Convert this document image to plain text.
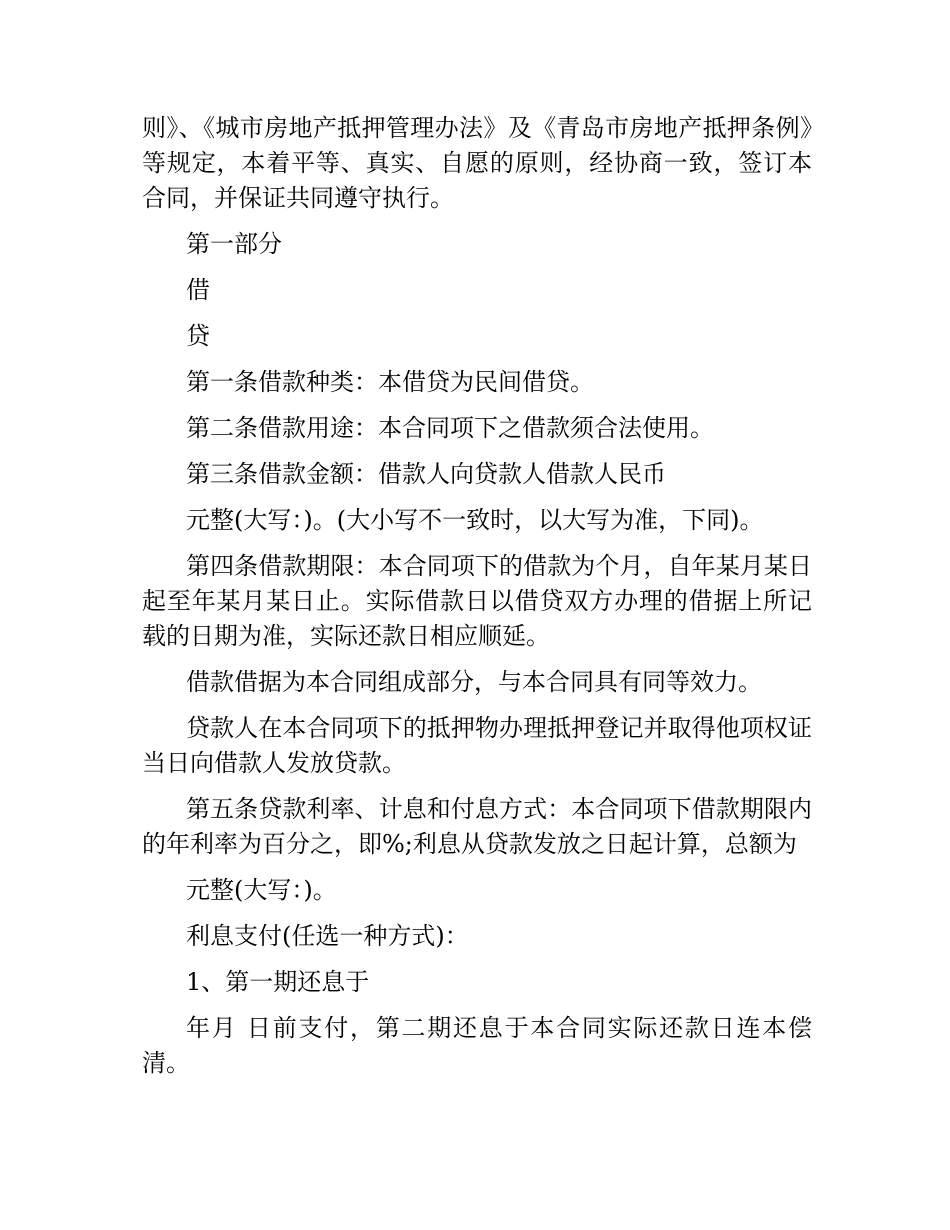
则》、《城市房地产抵押管理办法》及《青岛市房地产抵押条例》等规定，本着平等、真实、自愿的原则，经协商一致，签订本合同，并保证共同遵守执行。

第一部分

借

贷

第一条借款种类：本借贷为民间借贷。

第二条借款用途：本合同项下之借款须合法使用。

第三条借款金额：借款人向贷款人借款人民币

元整(大写：)。(大小写不一致时，以大写为准，下同)。

第四条借款期限：本合同项下的借款为个月，自年某月某日起至年某月某日止。实际借款日以借贷双方办理的借据上所记载的日期为准，实际还款日相应顺延。

借款借据为本合同组成部分，与本合同具有同等效力。

贷款人在本合同项下的抵押物办理抵押登记并取得他项权证当日向借款人发放贷款。

第五条贷款利率、计息和付息方式：本合同项下借款期限内的年利率为百分之，即%;利息从贷款发放之日起计算，总额为

元整(大写：)。

利息支付(任选一种方式)：

1、第一期还息于

年月 日前支付，第二期还息于本合同实际还款日连本偿清。
